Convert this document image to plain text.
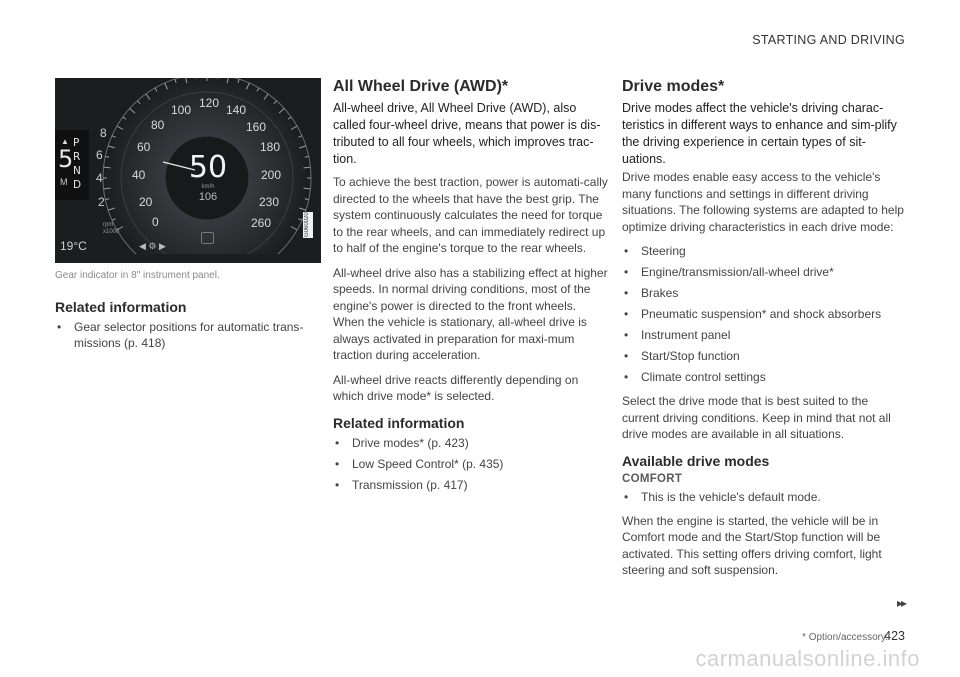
STARTING AND DRIVING
5
▲
M
P
R
N
D
8
6
4
2
rpm x1000
0
20
40
60
80
100 120 140
160
180
200
230
260
50
km/h
106
19°C	◀ ⚙ ▶
G060020
Gear indicator in 8" instrument panel.
Related information
• Gear selector positions for automatic trans-missions (p. 418)
All Wheel Drive (AWD)*

All-wheel drive, All Wheel Drive (AWD), also called four-wheel drive, means that power is dis-tributed to all four wheels, which improves trac-tion.

To achieve the best traction, power is automati-cally directed to the wheels that have the best grip. The system continuously calculates the need for torque to the rear wheels, and can immediately redirect up to half of the engine's torque to the rear wheels.

All-wheel drive also has a stabilizing effect at higher speeds. In normal driving conditions, most of the engine's power is directed to the front wheels. When the vehicle is stationary, all-wheel drive is always activated in preparation for maxi-mum traction during acceleration.

All-wheel drive reacts differently depending on which drive mode* is selected.

Related information
• Drive modes* (p. 423)
• Low Speed Control* (p. 435)
• Transmission (p. 417)
Drive modes*

Drive modes affect the vehicle's driving charac-teristics in different ways to enhance and sim-plify the driving experience in certain types of sit-uations.

Drive modes enable easy access to the vehicle's many functions and settings in different driving situations. The following systems are adapted to help optimize driving characteristics in each drive mode:

• Steering
• Engine/transmission/all-wheel drive*
• Brakes
• Pneumatic suspension* and shock absorbers
• Instrument panel
• Start/Stop function
• Climate control settings

Select the drive mode that is best suited to the current driving conditions. Keep in mind that not all drive modes are available in all situations.

Available drive modes
COMFORT
• This is the vehicle's default mode.

When the engine is started, the vehicle will be in Comfort mode and the Start/Stop function will be activated. This setting offers driving comfort, light steering and soft suspension.

▸▸
* Option/accessory.
423
carmanualsonline.info
